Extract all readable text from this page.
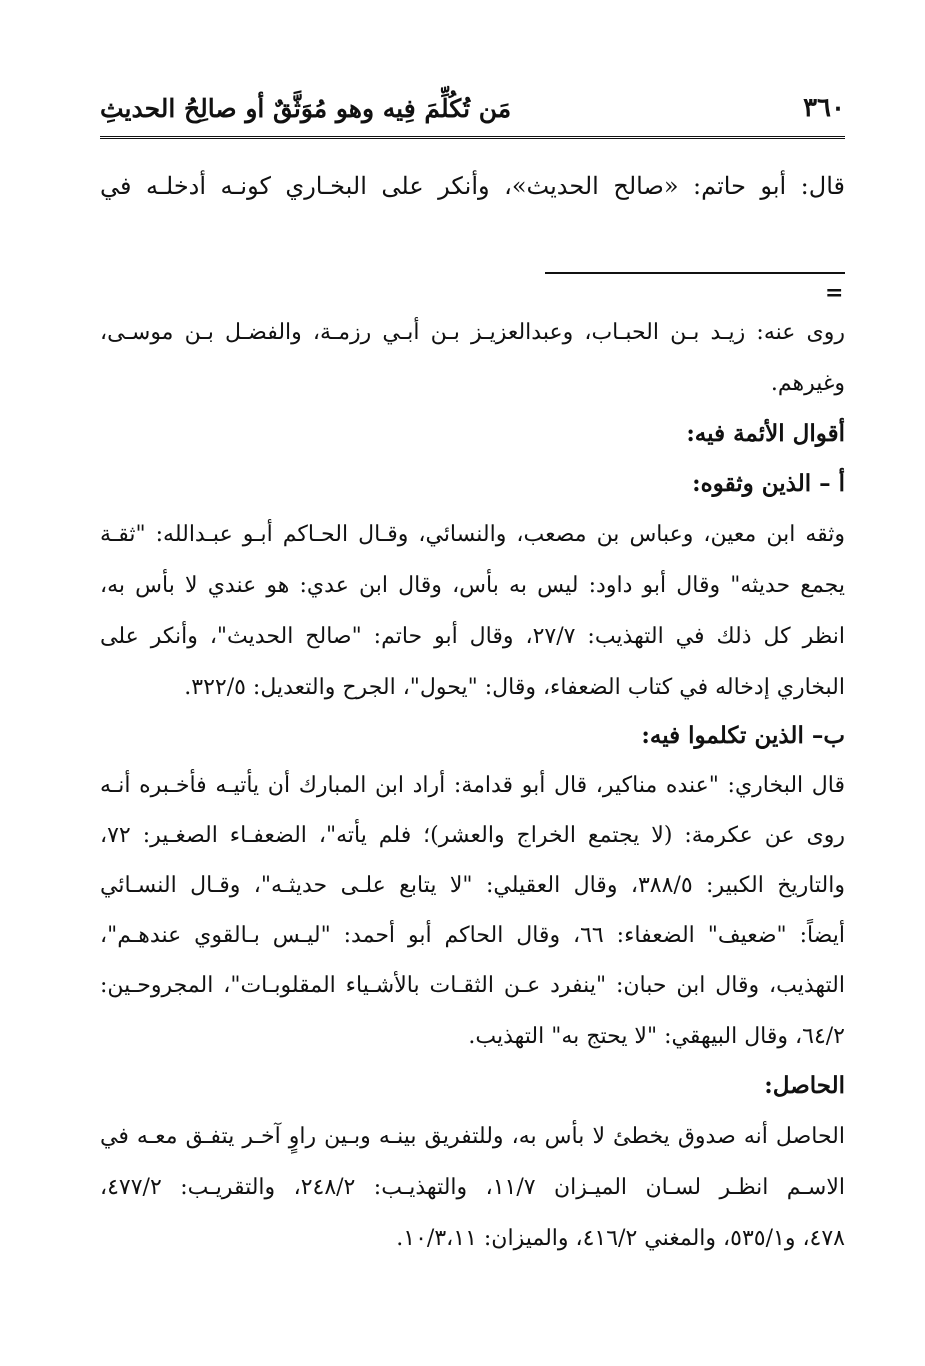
٣٦٠
مَن تُكُلِّمَ فِيه وهو مُوَثَّقٌ أو صالِحُ الحديثِ
قال: أبو حاتم: «صالح الحديث»، وأنكر على البخـاري كونـه أدخلـه في
=
روى عنه: زيـد بـن الحبـاب، وعبدالعزيـز بـن أبـي رزمـة، والفضـل بـن موسـى،
وغيرهم.
أقوال الأئمة فيه:
أ – الذين وثقوه:
وثقه ابن معين، وعباس بن مصعب، والنسائي، وقـال الحـاكم أبـو عبـدالله: "ثقـة
يجمع حديثه" وقال أبو داود: ليس به بأس، وقال ابن عدي: هو عندي لا بأس به،
انظر كل ذلك في التهذيب: ٢٧/٧، وقال أبو حاتم: "صالح الحديث"، وأنكر على
البخاري إدخاله في كتاب الضعفاء، وقال: "يحول"، الجرح والتعديل: ٣٢٢/٥.
ب– الذين تكلموا فيه:
قال البخاري: "عنده مناكير، قال أبو قدامة: أراد ابن المبارك أن يأتيـه فأخـبره أنـه
روى عن عكرمة: (لا يجتمع الخراج والعشر)؛ فلم يأته"، الضعفـاء الصغـير: ٧٢،
والتاريخ الكبير: ٣٨٨/٥، وقال العقيلي: "لا يتابع علـى حديثـه"، وقـال النسـائي
أيضاً: "ضعيف" الضعفاء: ٦٦، وقال الحاكم أبو أحمد: "ليـس بـالقوي عندهـم"،
التهذيب، وقال ابن حبان: "ينفرد عـن الثقـات بالأشـياء المقلوبـات"، المجروحـين:
٦٤/٢، وقال البيهقي: "لا يحتج به" التهذيب.
الحاصل:
الحاصل أنه صدوق يخطئ لا بأس به، وللتفريق بينـه وبـين راوٍ آخـر يتفـق معـه في
الاسـم انظـر لسـان الميـزان ١١/٧، والتهذيـب: ٢٤٨/٢، والتقريـب: ٤٧٧/٢،
٤٧٨، و٥٣٥/١، والمغني ٤١٦/٢، والميزان: ١٠/٣،١١.
